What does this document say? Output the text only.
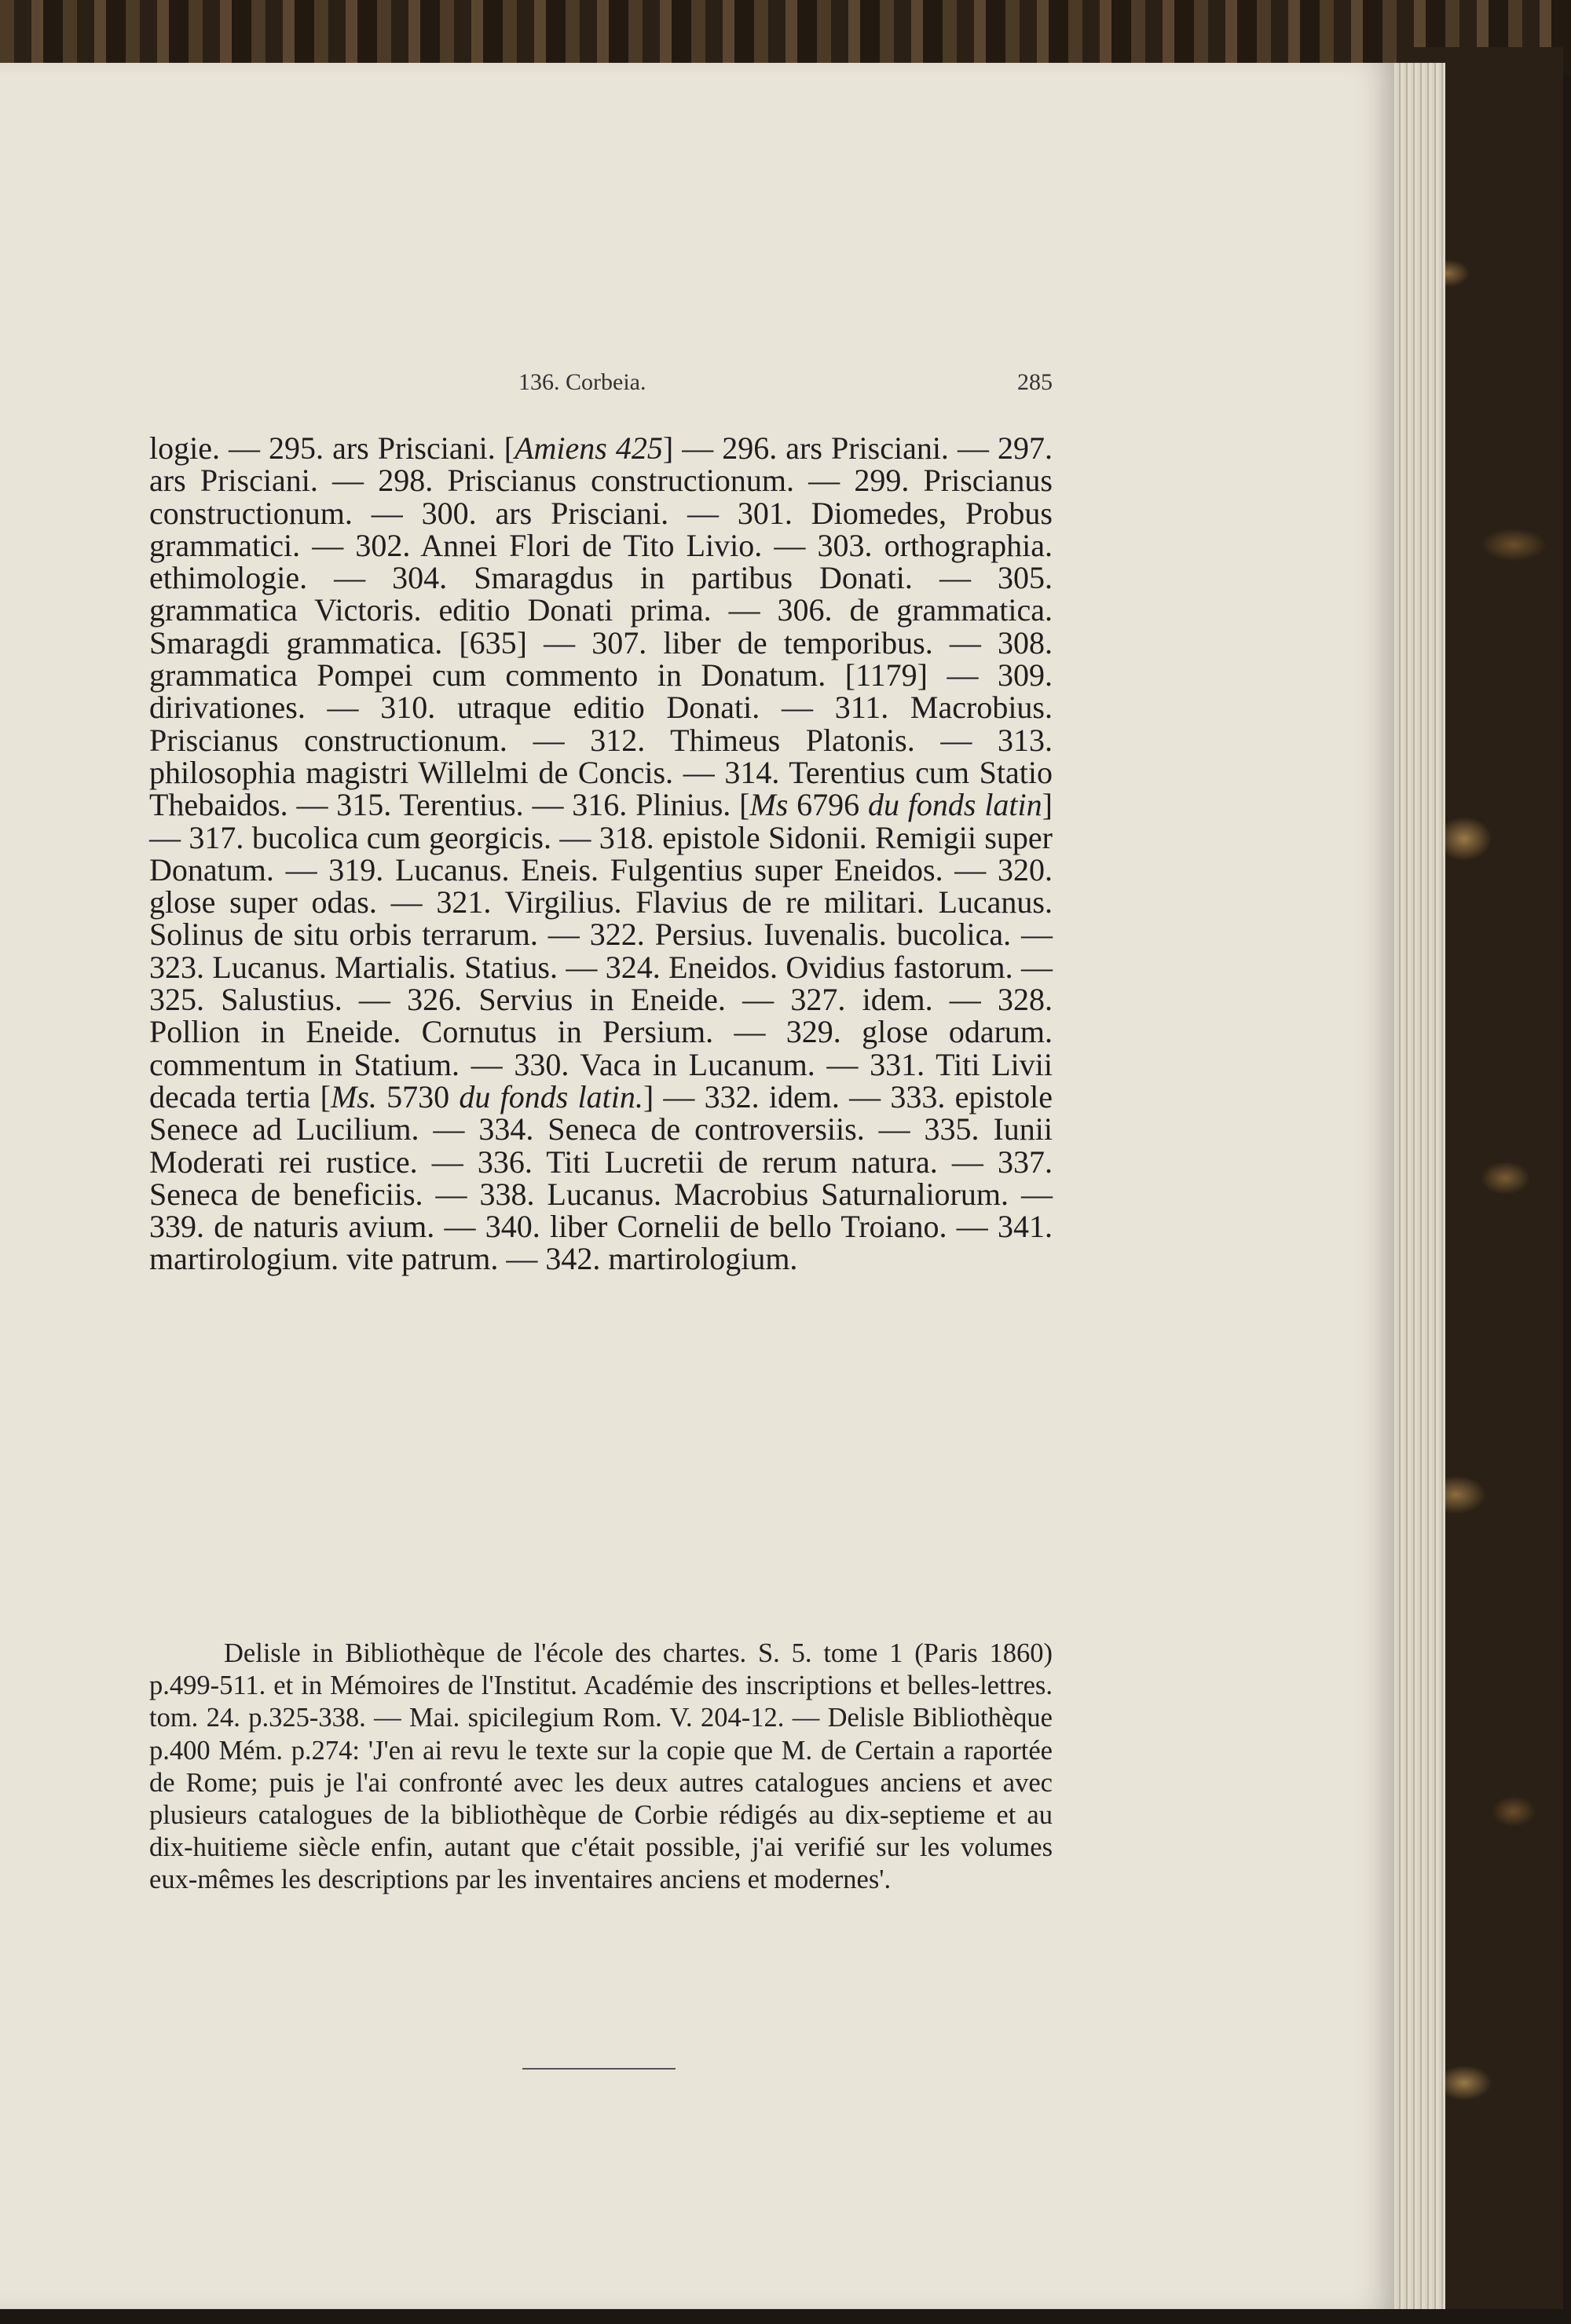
136. Corbeia.	285
logie. — 295. ars Prisciani. [Amiens 425] — 296. ars Prisciani. — 297. ars Prisciani. — 298. Priscianus constructionum. — 299. Priscianus constructionum. — 300. ars Prisciani. — 301. Diomedes, Probus grammatici. — 302. Annei Flori de Tito Livio. — 303. orthographia. ethimologie. — 304. Smaragdus in partibus Donati. — 305. grammatica Victoris. editio Donati prima. — 306. de grammatica. Smaragdi grammatica. [635] — 307. liber de temporibus. — 308. grammatica Pompei cum commento in Donatum. [1179] — 309. dirivationes. — 310. utraque editio Donati. — 311. Macrobius. Priscianus constructionum. — 312. Thimeus Platonis. — 313. philosophia magistri Willelmi de Concis. — 314. Terentius cum Statio Thebaidos. — 315. Terentius. — 316. Plinius. [Ms 6796 du fonds latin] — 317. bucolica cum georgicis. — 318. epistole Sidonii. Remigii super Donatum. — 319. Lucanus. Eneis. Fulgentius super Eneidos. — 320. glose super odas. — 321. Virgilius. Flavius de re militari. Lucanus. Solinus de situ orbis terrarum. — 322. Persius. Iuvenalis. bucolica. — 323. Lucanus. Martialis. Statius. — 324. Eneidos. Ovidius fastorum. — 325. Salustius. — 326. Servius in Eneide. — 327. idem. — 328. Pollion in Eneide. Cornutus in Persium. — 329. glose odarum. commentum in Statium. — 330. Vaca in Lucanum. — 331. Titi Livii decada tertia [Ms. 5730 du fonds latin.] — 332. idem. — 333. epistole Senece ad Lucilium. — 334. Seneca de controversiis. — 335. Iunii Moderati rei rustice. — 336. Titi Lucretii de rerum natura. — 337. Seneca de beneficiis. — 338. Lucanus. Macrobius Saturnaliorum. — 339. de naturis avium. — 340. liber Cornelii de bello Troiano. — 341. martirologium. vite patrum. — 342. martirologium.

Delisle in Bibliothèque de l'école des chartes. S. 5. tome 1 (Paris 1860) p.499-511. et in Mémoires de l'Institut. Académie des inscriptions et belles-lettres. tom. 24. p.325-338. — Mai. spicilegium Rom. V. 204-12. — Delisle Bibliothèque p.400 Mém. p.274: 'J'en ai revu le texte sur la copie que M. de Certain a raportée de Rome; puis je l'ai confronté avec les deux autres catalogues anciens et avec plusieurs catalogues de la bibliothèque de Corbie rédigés au dix-septieme et au dix-huitieme siècle enfin, autant que c'était possible, j'ai verifié sur les volumes eux-mêmes les descriptions par les inventaires anciens et modernes'.
